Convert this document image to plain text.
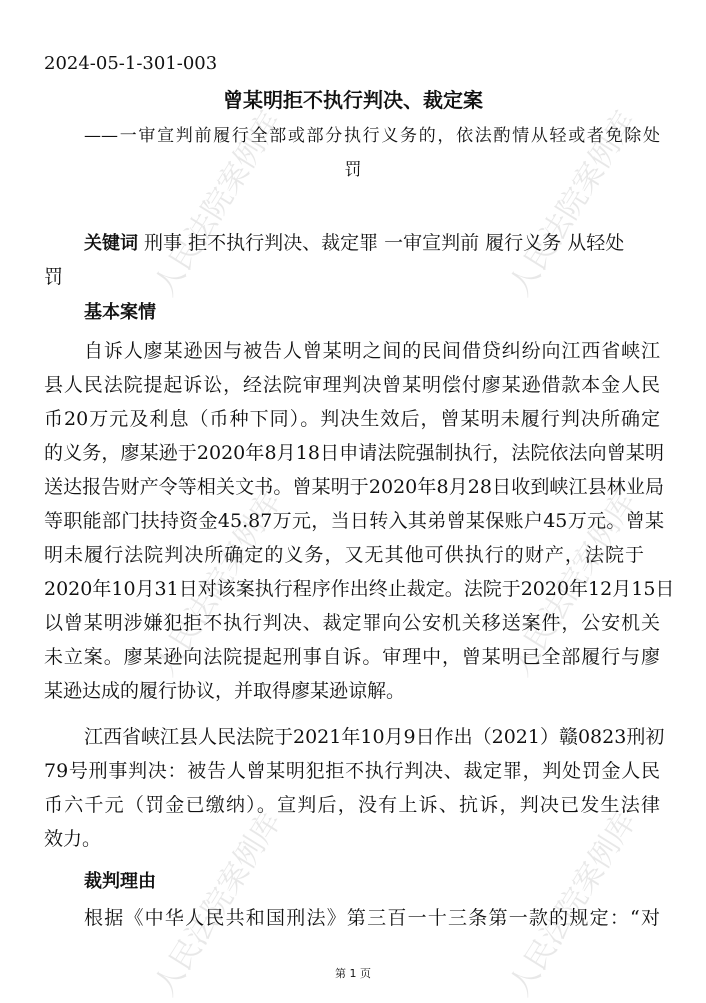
人民法院案例库	人民法院案例库
人民法院案例库	人民法院案例库
人民法院案例库	人民法院案例库
2024-05-1-301-003
曾某明拒不执行判决、裁定案
——一审宣判前履行全部或部分执行义务的，依法酌情从轻或者免除处
罚
关键词 刑事 拒不执行判决、裁定罪 一审宣判前 履行义务 从轻处
罚
基本案情
自诉人廖某逊因与被告人曾某明之间的民间借贷纠纷向江西省峡江
县人民法院提起诉讼，经法院审理判决曾某明偿付廖某逊借款本金人民
币20万元及利息（币种下同）。判决生效后，曾某明未履行判决所确定
的义务，廖某逊于2020年8月18日申请法院强制执行，法院依法向曾某明
送达报告财产令等相关文书。曾某明于2020年8月28日收到峡江县林业局
等职能部门扶持资金45.87万元，当日转入其弟曾某保账户45万元。曾某
明未履行法院判决所确定的义务，又无其他可供执行的财产，法院于
2020年10月31日对该案执行程序作出终止裁定。法院于2020年12月15日
以曾某明涉嫌犯拒不执行判决、裁定罪向公安机关移送案件，公安机关
未立案。廖某逊向法院提起刑事自诉。审理中，曾某明已全部履行与廖
某逊达成的履行协议，并取得廖某逊谅解。
江西省峡江县人民法院于2021年10月9日作出（2021）赣0823刑初
79号刑事判决：被告人曾某明犯拒不执行判决、裁定罪，判处罚金人民
币六千元（罚金已缴纳）。宣判后，没有上诉、抗诉，判决已发生法律
效力。
裁判理由
根据《中华人民共和国刑法》第三百一十三条第一款的规定：“对
第 1 页
